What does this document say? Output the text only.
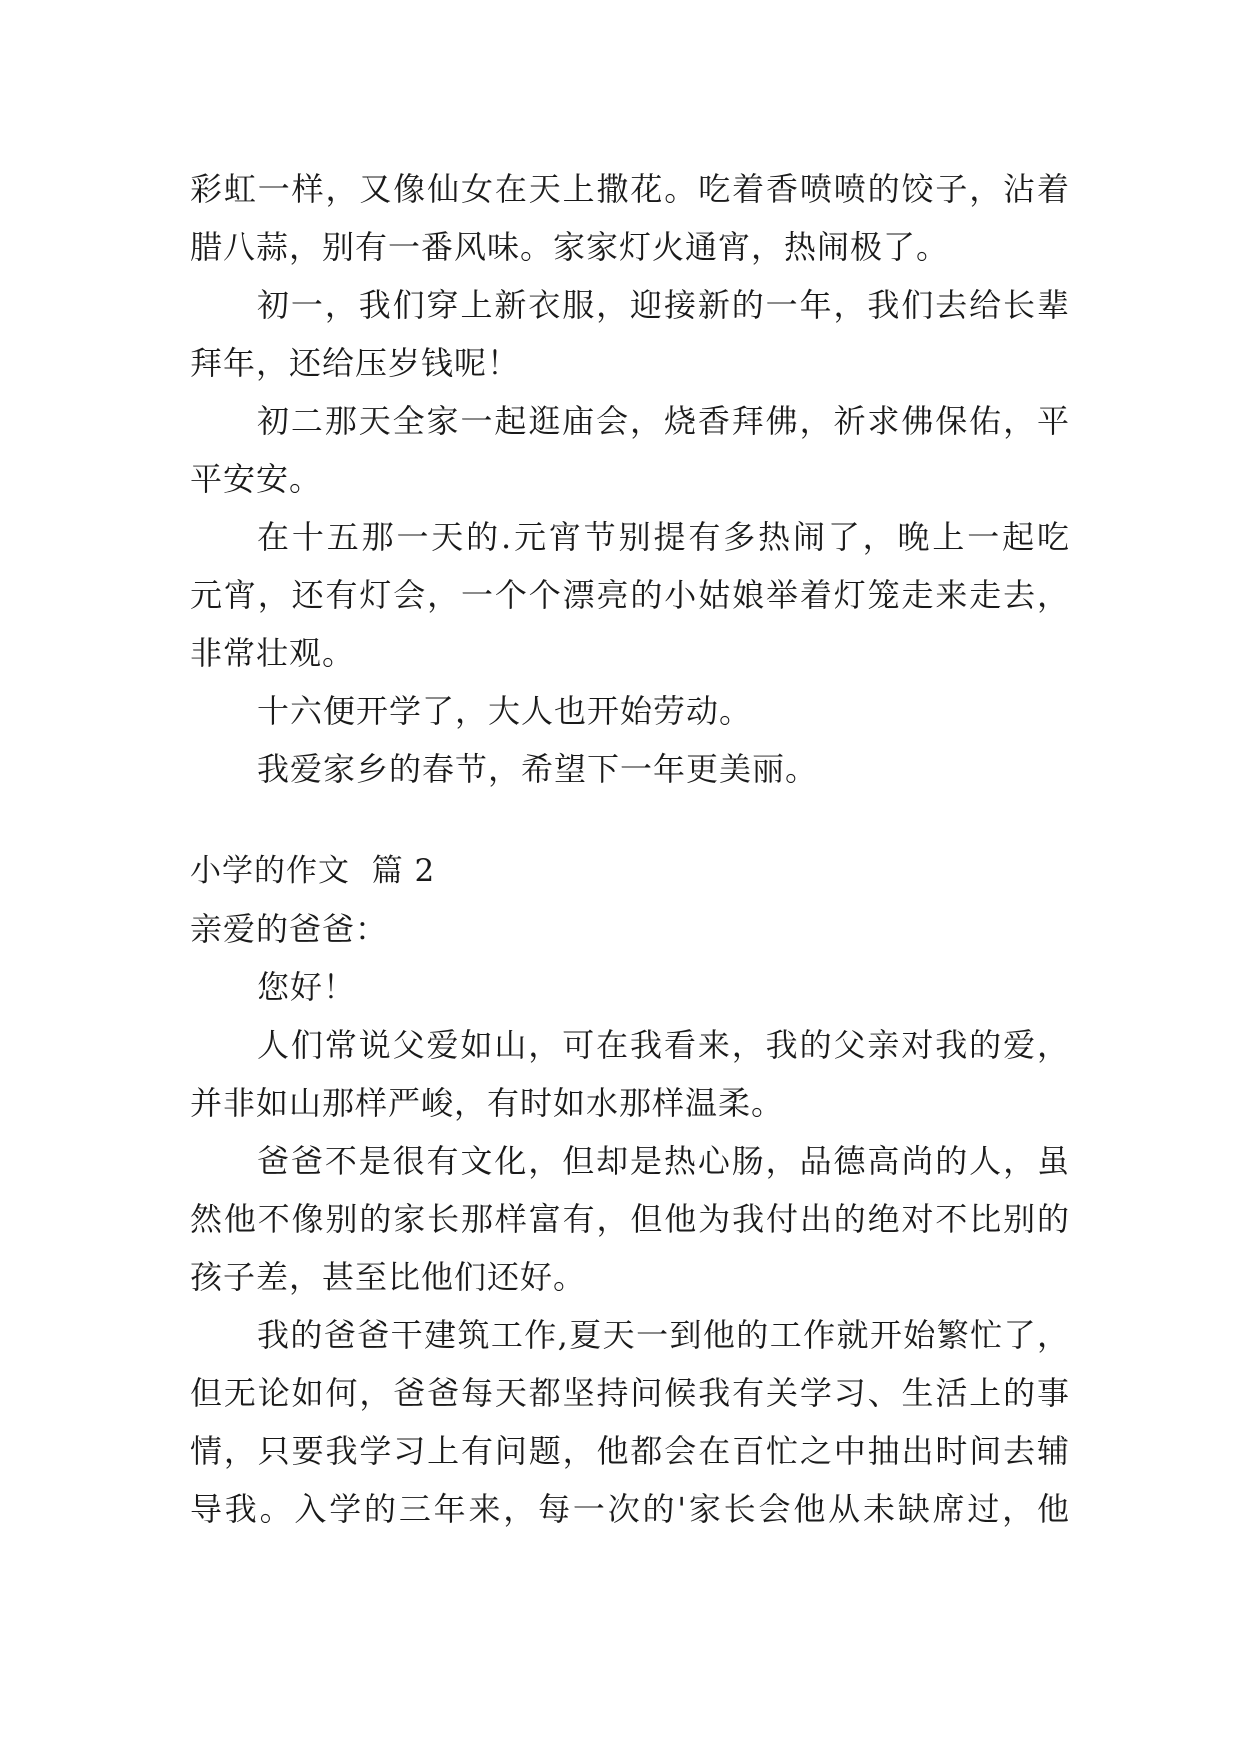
彩虹一样，又像仙女在天上撒花。吃着香喷喷的饺子，沾着
腊八蒜，别有一番风味。家家灯火通宵，热闹极了。
初一，我们穿上新衣服，迎接新的一年，我们去给长辈
拜年，还给压岁钱呢！
初二那天全家一起逛庙会，烧香拜佛，祈求佛保佑，平
平安安。
在十五那一天的.元宵节别提有多热闹了，晚上一起吃
元宵，还有灯会，一个个漂亮的小姑娘举着灯笼走来走去，
非常壮观。
十六便开学了，大人也开始劳动。
我爱家乡的春节，希望下一年更美丽。
小学的作文  篇 2
亲爱的爸爸：
您好！
人们常说父爱如山，可在我看来，我的父亲对我的爱，
并非如山那样严峻，有时如水那样温柔。
爸爸不是很有文化，但却是热心肠，品德高尚的人，虽
然他不像别的家长那样富有，但他为我付出的绝对不比别的
孩子差，甚至比他们还好。
我的爸爸干建筑工作,夏天一到他的工作就开始繁忙了，
但无论如何，爸爸每天都坚持问候我有关学习、生活上的事
情，只要我学习上有问题，他都会在百忙之中抽出时间去辅
导我。入学的三年来，每一次的'家长会他从未缺席过，他
